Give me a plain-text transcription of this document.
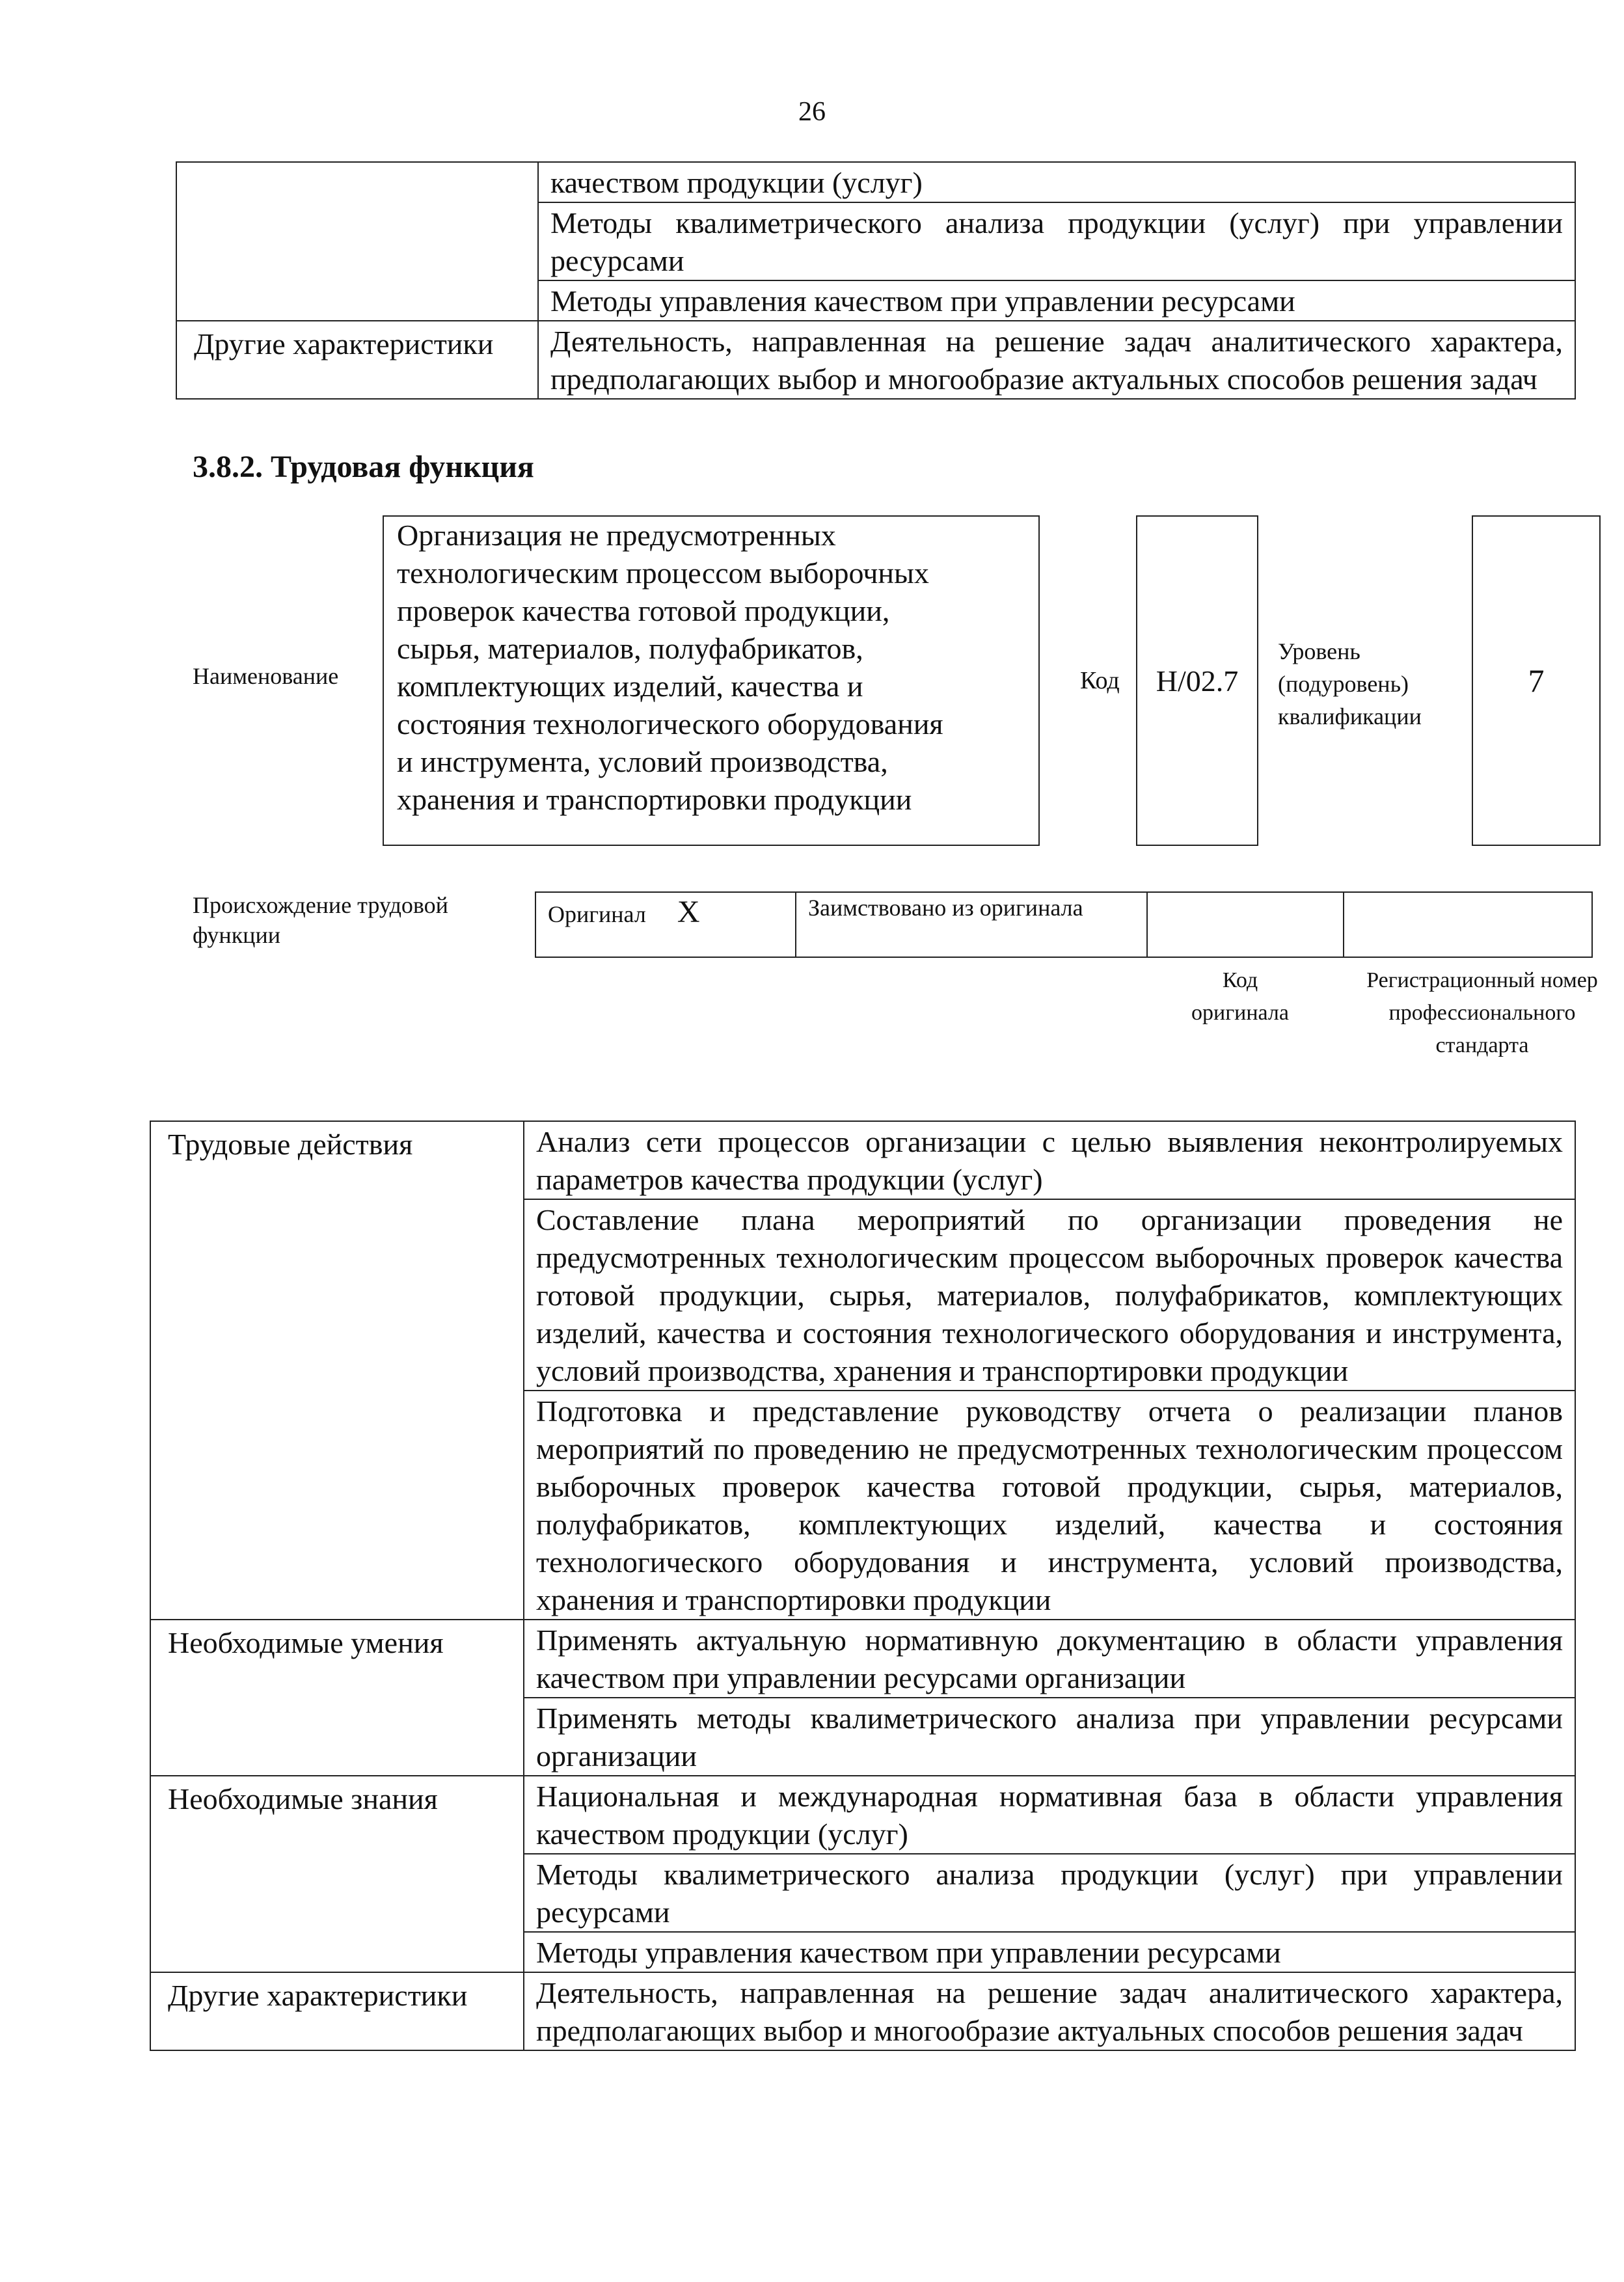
26
	качеством продукции (услуг)
	Методы квалиметрического анализа продукции (услуг) при управлении ресурсами
	Методы управления качеством при управлении ресурсами
Другие характеристики	Деятельность, направленная на решение задач аналитического характера, предполагающих выбор и многообразие актуальных способов решения задач
3.8.2. Трудовая функция
Наименование
Организация не предусмотренных
технологическим процессом выборочных
проверок качества готовой продукции,
сырья, материалов, полуфабрикатов,
комплектующих изделий, качества и
состояния технологического оборудования
и инструмента, условий производства,
хранения и транспортировки продукции
Код H/02.7
Уровень
(подуровень)
квалификации
7
Происхождение трудовой функции
Оригинал X	Заимствовано из оригинала		
Код оригинала
Регистрационный номер профессионального стандарта
Трудовые действия	Анализ сети процессов организации с целью выявления неконтролируемых параметров качества продукции (услуг)
	Составление плана мероприятий по организации проведения не предусмотренных технологическим процессом выборочных проверок качества готовой продукции, сырья, материалов, полуфабрикатов, комплектующих изделий, качества и состояния технологического оборудования и инструмента, условий производства, хранения и транспортировки продукции
	Подготовка и представление руководству отчета о реализации планов мероприятий по проведению не предусмотренных технологическим процессом выборочных проверок качества готовой продукции, сырья, материалов, полуфабрикатов, комплектующих изделий, качества и состояния технологического оборудования и инструмента, условий производства, хранения и транспортировки продукции
Необходимые умения	Применять актуальную нормативную документацию в области управления качеством при управлении ресурсами организации
	Применять методы квалиметрического анализа при управлении ресурсами организации
Необходимые знания	Национальная и международная нормативная база в области управления качеством продукции (услуг)
	Методы квалиметрического анализа продукции (услуг) при управлении ресурсами
	Методы управления качеством при управлении ресурсами
Другие характеристики	Деятельность, направленная на решение задач аналитического характера, предполагающих выбор и многообразие актуальных способов решения задач
